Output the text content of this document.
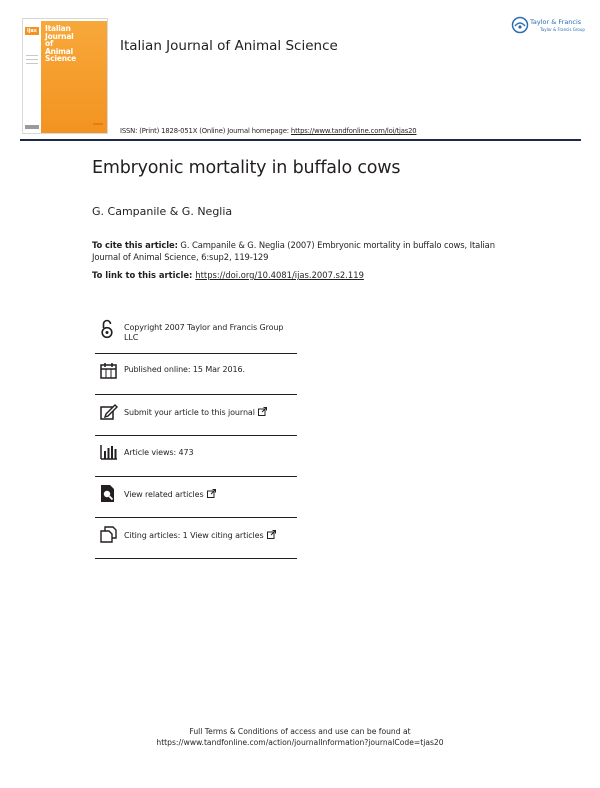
ijas Italian
Journal
of
Animal
Science
Italian Journal of Animal Science
Taylor & Francis
Taylor & Francis Group
ISSN: (Print) 1828-051X (Online) Journal homepage: https://www.tandfonline.com/loi/tjas20
Embryonic mortality in buffalo cows
G. Campanile & G. Neglia
To cite this article: G. Campanile & G. Neglia (2007) Embryonic mortality in buffalo cows, Italian Journal of Animal Science, 6:sup2, 119-129
To link to this article: https://doi.org/10.4081/ijas.2007.s2.119
Copyright 2007 Taylor and Francis Group LLC
Published online: 15 Mar 2016.
Submit your article to this journal
Article views: 473
View related articles
Citing articles: 1 View citing articles
Full Terms & Conditions of access and use can be found at
https://www.tandfonline.com/action/journalInformation?journalCode=tjas20
